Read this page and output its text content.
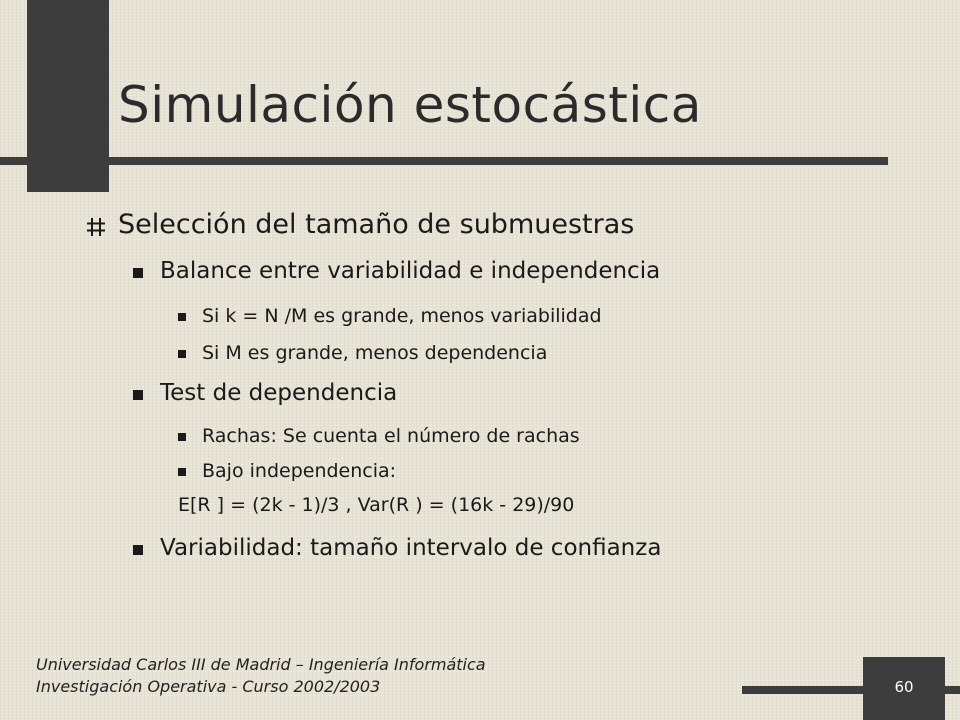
Simulación estocástica
Selección del tamaño de submuestras
Balance entre variabilidad e independencia
Si k = N /M es grande, menos variabilidad
Si M es grande, menos dependencia
Test de dependencia
Rachas: Se cuenta el número de rachas
Bajo independencia:
E[R ] = (2k - 1)/3 , Var(R ) = (16k - 29)/90
Variabilidad: tamaño intervalo de confianza
Universidad Carlos III de Madrid – Ingeniería Informática
Investigación Operativa - Curso 2002/2003	60
